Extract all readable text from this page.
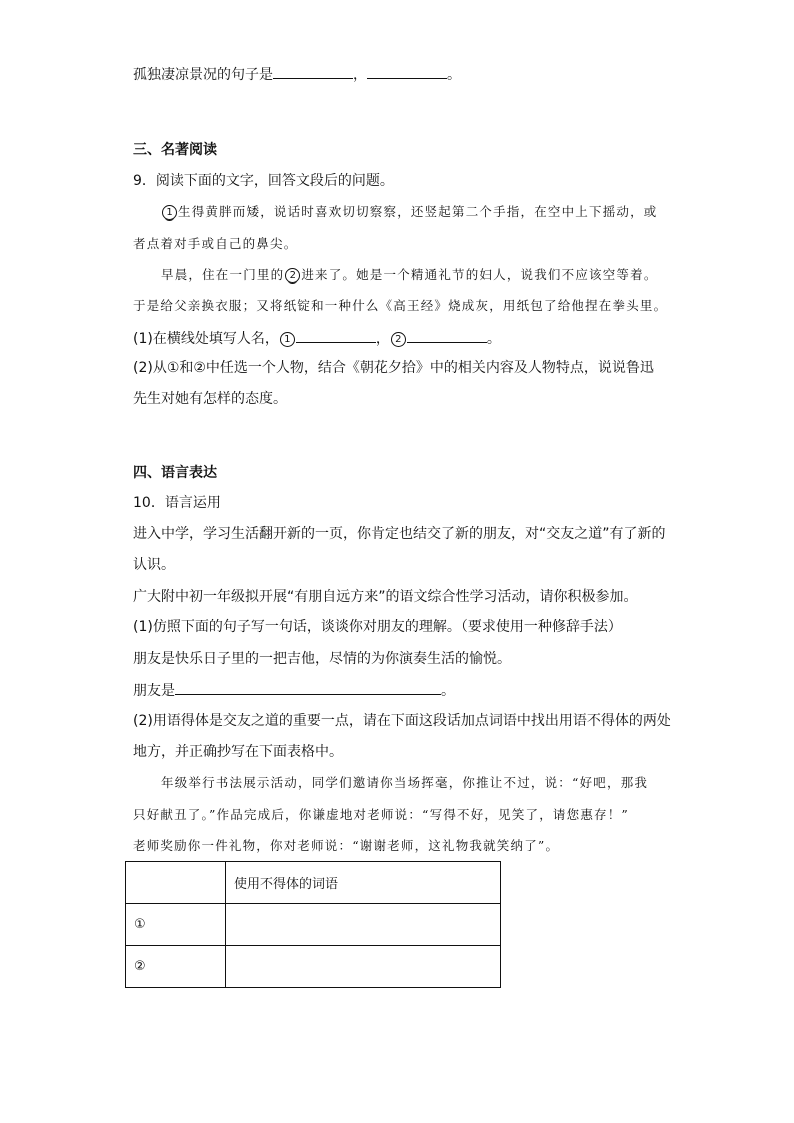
孤独凄凉景况的句子是	，	。
三、名著阅读
9．阅读下面的文字，回答文段后的问题。
1 生得黄胖而矮，说话时喜欢切切察察，还竖起第二个手指，在空中上下摇动，或
者点着对手或自己的鼻尖。
早晨，住在一门里的 2 进来了。她是一个精通礼节的妇人，说我们不应该空等着。
于是给父亲换衣服；又将纸锭和一种什么《高王经》烧成灰，用纸包了给他捏在拳头里。
(1)在横线处填写人名， 1	， 2	。
(2)从①和②中任选一个人物，结合《朝花夕拾》中的相关内容及人物特点，说说鲁迅
先生对她有怎样的态度。
四、语言表达
10．语言运用
进入中学，学习生活翻开新的一页，你肯定也结交了新的朋友，对“交友之道”有了新的
认识。
广大附中初一年级拟开展“有朋自远方来”的语文综合性学习活动，请你积极参加。
(1)仿照下面的句子写一句话，谈谈你对朋友的理解。（要求使用一种修辞手法）
朋友是快乐日子里的一把吉他，尽情的为你演奏生活的愉悦。
朋友是	。
(2)用语得体是交友之道的重要一点，请在下面这段话加点词语中找出用语不得体的两处
地方，并正确抄写在下面表格中。
年级举行书法展示活动，同学们邀请你当场挥毫，你推让不过，说：“好吧，那我
只好献丑了。”作品完成后，你谦虚地对老师说：“写得不好，见笑了，请您惠存！”
老师奖励你一件礼物，你对老师说：“谢谢老师，这礼物我就笑纳了”。
	使用不得体的词语
①	
②	
